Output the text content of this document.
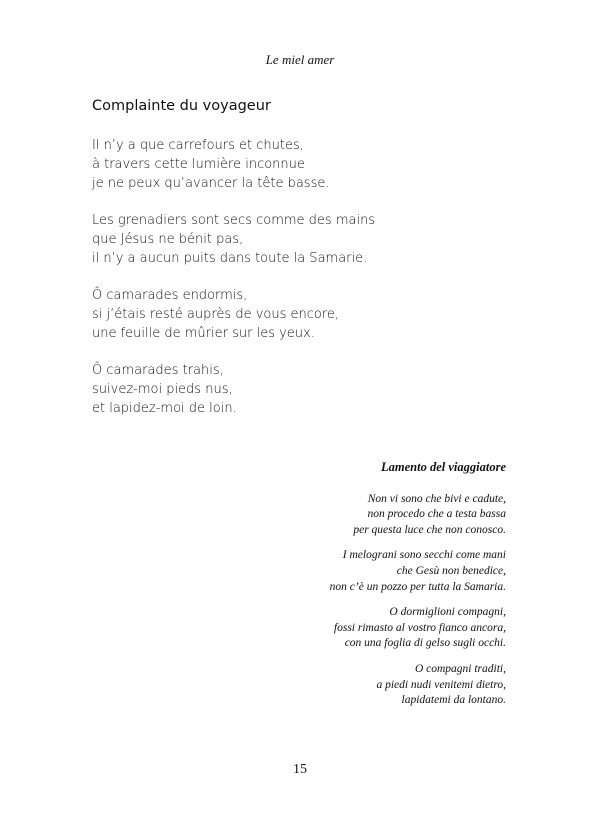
Le miel amer
Complainte du voyageur
Il n’y a que carrefours et chutes,
à travers cette lumière inconnue
je ne peux qu’avancer la tête basse.
Les grenadiers sont secs comme des mains
que Jésus ne bénit pas,
il n’y a aucun puits dans toute la Samarie.
Ô camarades endormis,
si j’étais resté auprès de vous encore,
une feuille de mûrier sur les yeux.
Ô camarades trahis,
suivez-moi pieds nus,
et lapidez-moi de loin.
Lamento del viaggiatore
Non vi sono che bivi e cadute,
non procedo che a testa bassa
per questa luce che non conosco.
I melograni sono secchi come mani
che Gesù non benedice,
non c’è un pozzo per tutta la Samaria.
O dormiglioni compagni,
fossi rimasto al vostro fianco ancora,
con una foglia di gelso sugli occhi.
O compagni traditi,
a piedi nudi venitemi dietro,
lapidatemi da lontano.
15
